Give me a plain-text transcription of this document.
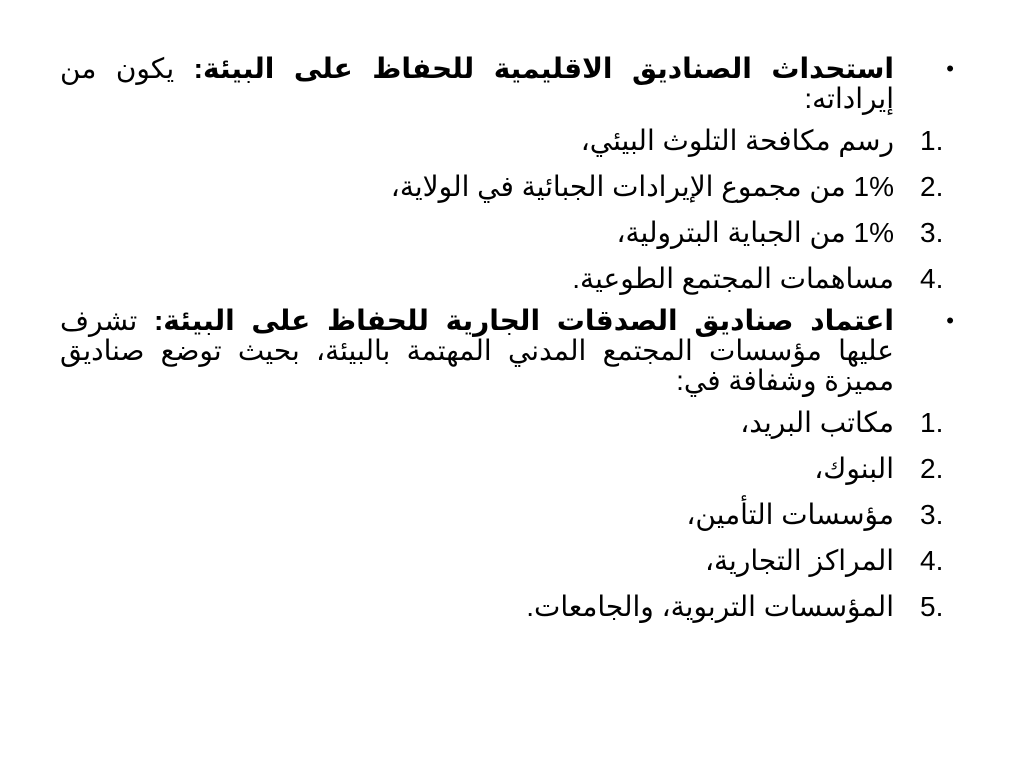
•
استحداث الصناديق الاقليمية للحفاظ على البيئة: يكون من إيراداته:
1.
رسم مكافحة التلوث البيئي،
2.
1% من مجموع الإيرادات الجبائية في الولاية،
3.
1% من الجباية البترولية،
4.
مساهمات المجتمع الطوعية.
•
اعتماد صناديق الصدقات الجارية للحفاظ على البيئة: تشرف عليها مؤسسات المجتمع المدني المهتمة بالبيئة، بحيث توضع صناديق مميزة وشفافة في:
1.
مكاتب البريد،
2.
البنوك،
3.
مؤسسات التأمين،
4.
المراكز التجارية،
5.
المؤسسات التربوية، والجامعات.
